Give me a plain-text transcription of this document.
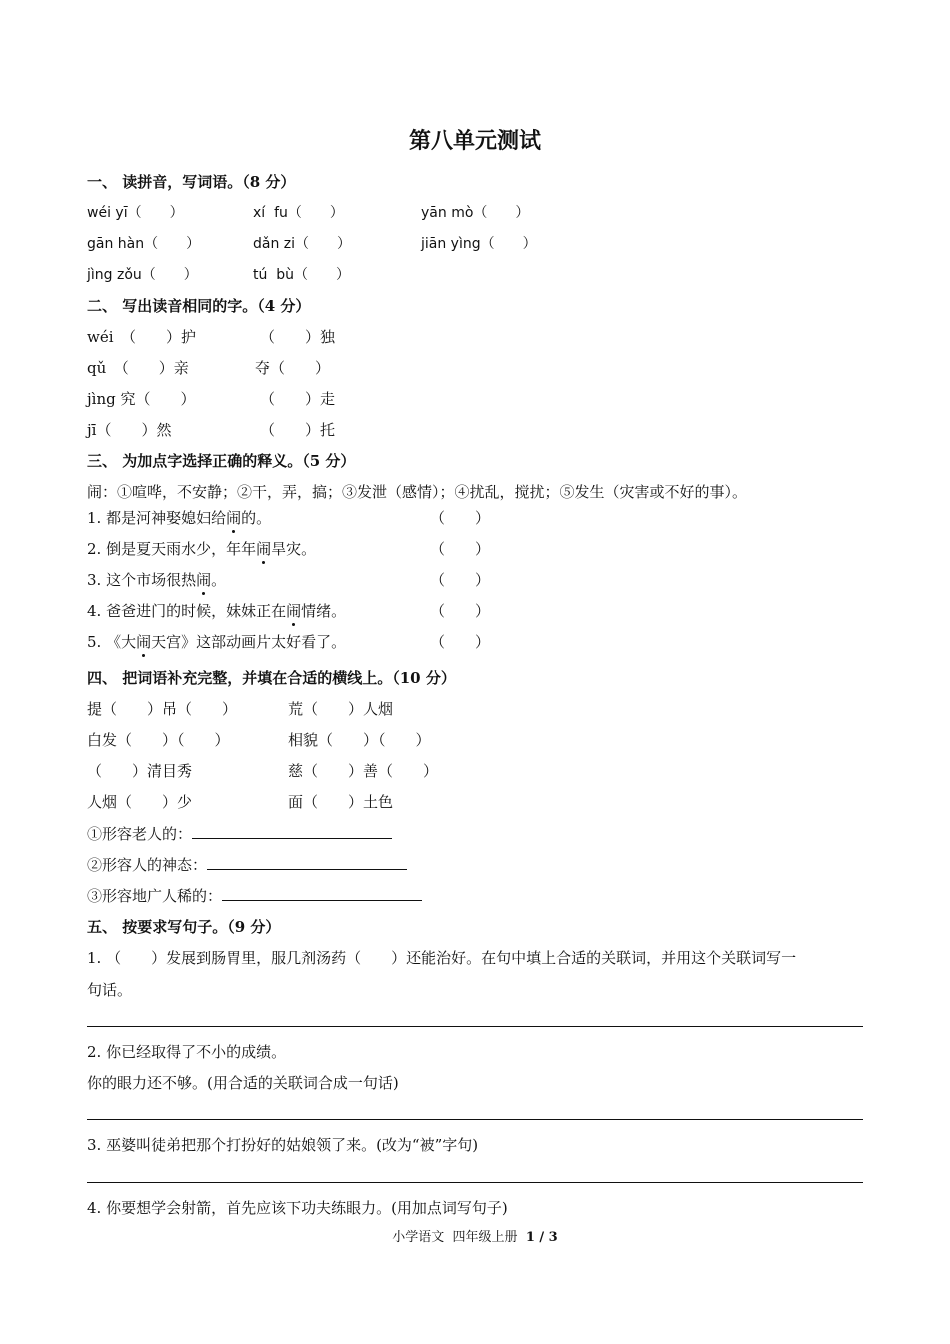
第八单元测试
一、 读拼音，写词语。（8 分）
wéi yī（　　）	xí  fu（　　）	yān mò（　　）
gān hàn（　　）	dǎn zi（　　）	jiān yìng（　　）
jìng zǒu（　　）	tú  bù（　　）
二、 写出读音相同的字。（4 分）
wéi　（　　）护	（　　）独
qǔ　（　　）亲	夺（　　）
jìng 究（　　）	（　　）走
jī（　　）然	（　　）托
三、 为加点字选择正确的释义。（5 分）
闹：①喧哗，不安静；②干，弄，搞；③发泄（感情）；④扰乱，搅扰；⑤发生（灾害或不好的事）。
1. 都是河神娶媳妇给闹的。	（　　）
2. 倒是夏天雨水少，年年闹旱灾。	（　　）
3. 这个市场很热闹。	（　　）
4. 爸爸进门的时候，妹妹正在闹情绪。	（　　）
5. 《大闹天宫》这部动画片太好看了。	（　　）
四、 把词语补充完整，并填在合适的横线上。（10 分）
提（　　）吊（　　）	荒（　　）人烟
白发（　　）（　　）	相貌（　　）（　　）
（　　）清目秀	慈（　　）善（　　）
人烟（　　）少	面（　　）土色
①形容老人的：
②形容人的神态：
③形容地广人稀的：
五、 按要求写句子。（9 分）
1. （　　）发展到肠胃里，服几剂汤药（　　）还能治好。在句中填上合适的关联词，并用这个关联词写一
句话。
2. 你已经取得了不小的成绩。
你的眼力还不够。(用合适的关联词合成一句话)
3. 巫婆叫徒弟把那个打扮好的姑娘领了来。(改为“被”字句)
4. 你要想学会射箭，首先应该下功夫练眼力。(用加点词写句子)
小学语文  四年级上册 1 / 3
